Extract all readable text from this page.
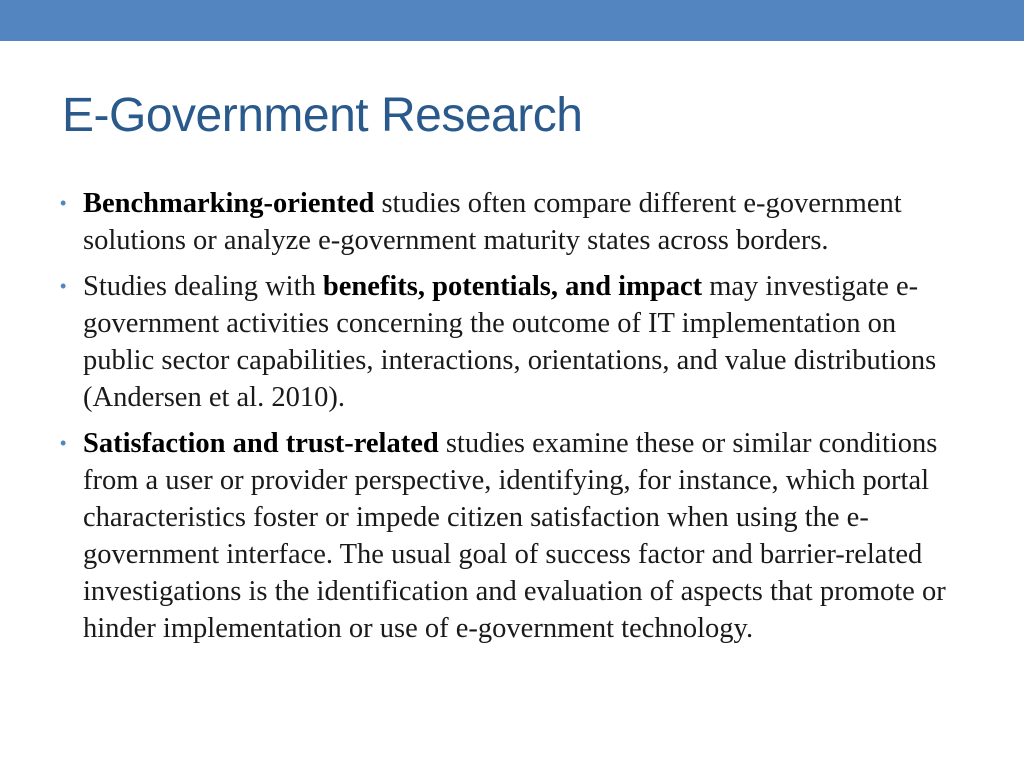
E-Government Research
• Benchmarking-oriented studies often compare different e-government solutions or analyze e-government maturity states across borders.
• Studies dealing with benefits, potentials, and impact may investigate e-government activities concerning the outcome of IT implementation on public sector capabilities, interactions, orientations, and value distributions (Andersen et al. 2010).
• Satisfaction and trust-related studies examine these or similar conditions from a user or provider perspective, identifying, for instance, which portal characteristics foster or impede citizen satisfaction when using the e-government interface. The usual goal of success factor and barrier-related investigations is the identification and evaluation of aspects that promote or hinder implementation or use of e-government technology.
